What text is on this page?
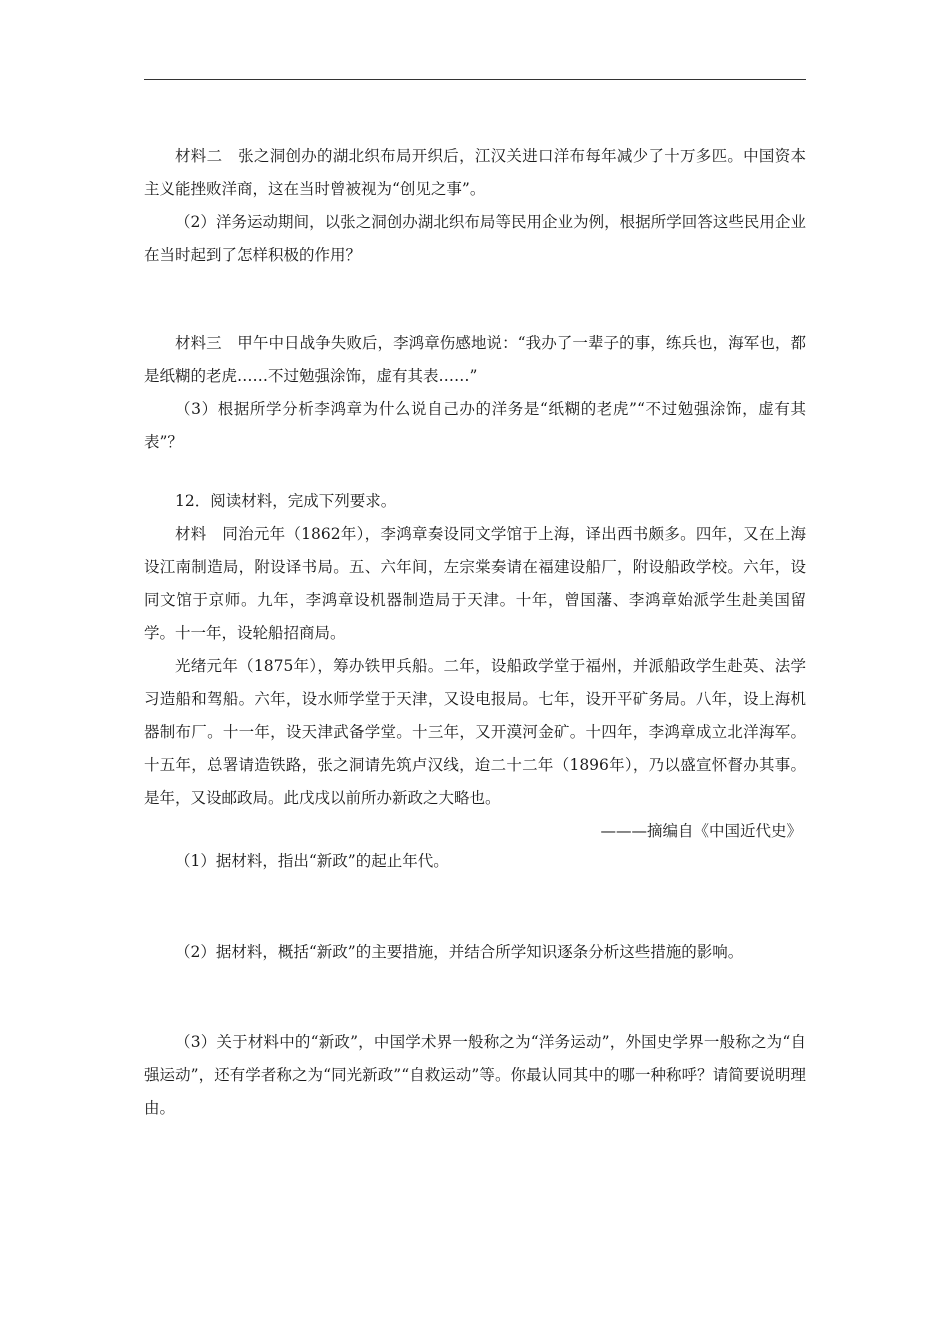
材料二　张之洞创办的湖北织布局开织后，江汉关进口洋布每年减少了十万多匹。中国资本主义能挫败洋商，这在当时曾被视为“创见之事”。

（2）洋务运动期间，以张之洞创办湖北织布局等民用企业为例，根据所学回答这些民用企业在当时起到了怎样积极的作用？

材料三　甲午中日战争失败后，李鸿章伤感地说：“我办了一辈子的事，练兵也，海军也，都是纸糊的老虎……不过勉强涂饰，虚有其表……”

（3）根据所学分析李鸿章为什么说自己办的洋务是“纸糊的老虎”“不过勉强涂饰，虚有其表”？

12．阅读材料，完成下列要求。

材料　同治元年（1862年），李鸿章奏设同文学馆于上海，译出西书颇多。四年，又在上海设江南制造局，附设译书局。五、六年间，左宗棠奏请在福建设船厂，附设船政学校。六年，设同文馆于京师。九年，李鸿章设机器制造局于天津。十年，曾国藩、李鸿章始派学生赴美国留学。十一年，设轮船招商局。

光绪元年（1875年），筹办铁甲兵船。二年，设船政学堂于福州，并派船政学生赴英、法学习造船和驾船。六年，设水师学堂于天津，又设电报局。七年，设开平矿务局。八年，设上海机器制布厂。十一年，设天津武备学堂。十三年，又开漠河金矿。十四年，李鸿章成立北洋海军。十五年，总署请造铁路，张之洞请先筑卢汉线，迨二十二年（1896年），乃以盛宣怀督办其事。是年，又设邮政局。此戊戌以前所办新政之大略也。

———摘编自《中国近代史》

（1）据材料，指出“新政”的起止年代。

（2）据材料，概括“新政”的主要措施，并结合所学知识逐条分析这些措施的影响。

（3）关于材料中的“新政”，中国学术界一般称之为“洋务运动”，外国史学界一般称之为“自强运动”，还有学者称之为“同光新政”“自救运动”等。你最认同其中的哪一种称呼？请简要说明理由。
